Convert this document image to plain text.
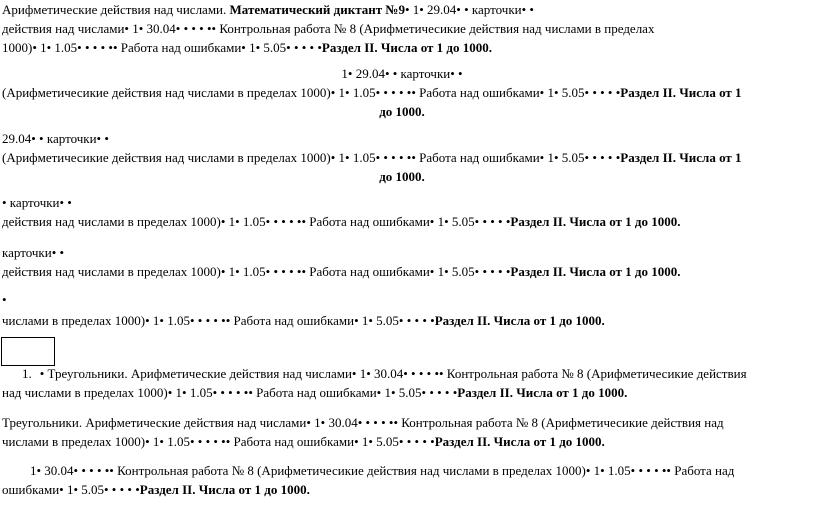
Арифметические действия над числами. Математический диктант №9• 1• 29.04• • карточки• •
действия над числами• 1• 30.04• • • • •• Контрольная работа № 8 (Арифметичесикие действия над числами в пределах
1000)• 1• 1.05• • • • •• Работа над ошибками• 1• 5.05• • • • •Раздел II. Числа от 1 до 1000.
1• 29.04• • карточки• •
(Арифметичесикие действия над числами в пределах 1000)• 1• 1.05• • • • •• Работа над ошибками• 1• 5.05• • • • •Раздел II. Числа от 1
до 1000.
29.04• • карточки• •
(Арифметичесикие действия над числами в пределах 1000)• 1• 1.05• • • • •• Работа над ошибками• 1• 5.05• • • • •Раздел II. Числа от 1
до 1000.
• карточки• •
действия над числами в пределах 1000)• 1• 1.05• • • • •• Работа над ошибками• 1• 5.05• • • • •Раздел II. Числа от 1 до 1000.
карточки• •
действия над числами в пределах 1000)• 1• 1.05• • • • •• Работа над ошибками• 1• 5.05• • • • •Раздел II. Числа от 1 до 1000.
•
числами в пределах 1000)• 1• 1.05• • • • •• Работа над ошибками• 1• 5.05• • • • •Раздел II. Числа от 1 до 1000.
1. • Треугольники. Арифметические действия над числами• 1• 30.04• • • • •• Контрольная работа № 8 (Арифметичесикие действия
над числами в пределах 1000)• 1• 1.05• • • • •• Работа над ошибками• 1• 5.05• • • • •Раздел II. Числа от 1 до 1000.
Треугольники. Арифметические действия над числами• 1• 30.04• • • • •• Контрольная работа № 8 (Арифметичесикие действия над
числами в пределах 1000)• 1• 1.05• • • • •• Работа над ошибками• 1• 5.05• • • • •Раздел II. Числа от 1 до 1000.
1• 30.04• • • • •• Контрольная работа № 8 (Арифметичесикие действия над числами в пределах 1000)• 1• 1.05• • • • •• Работа над
ошибками• 1• 5.05• • • • •Раздел II. Числа от 1 до 1000.
